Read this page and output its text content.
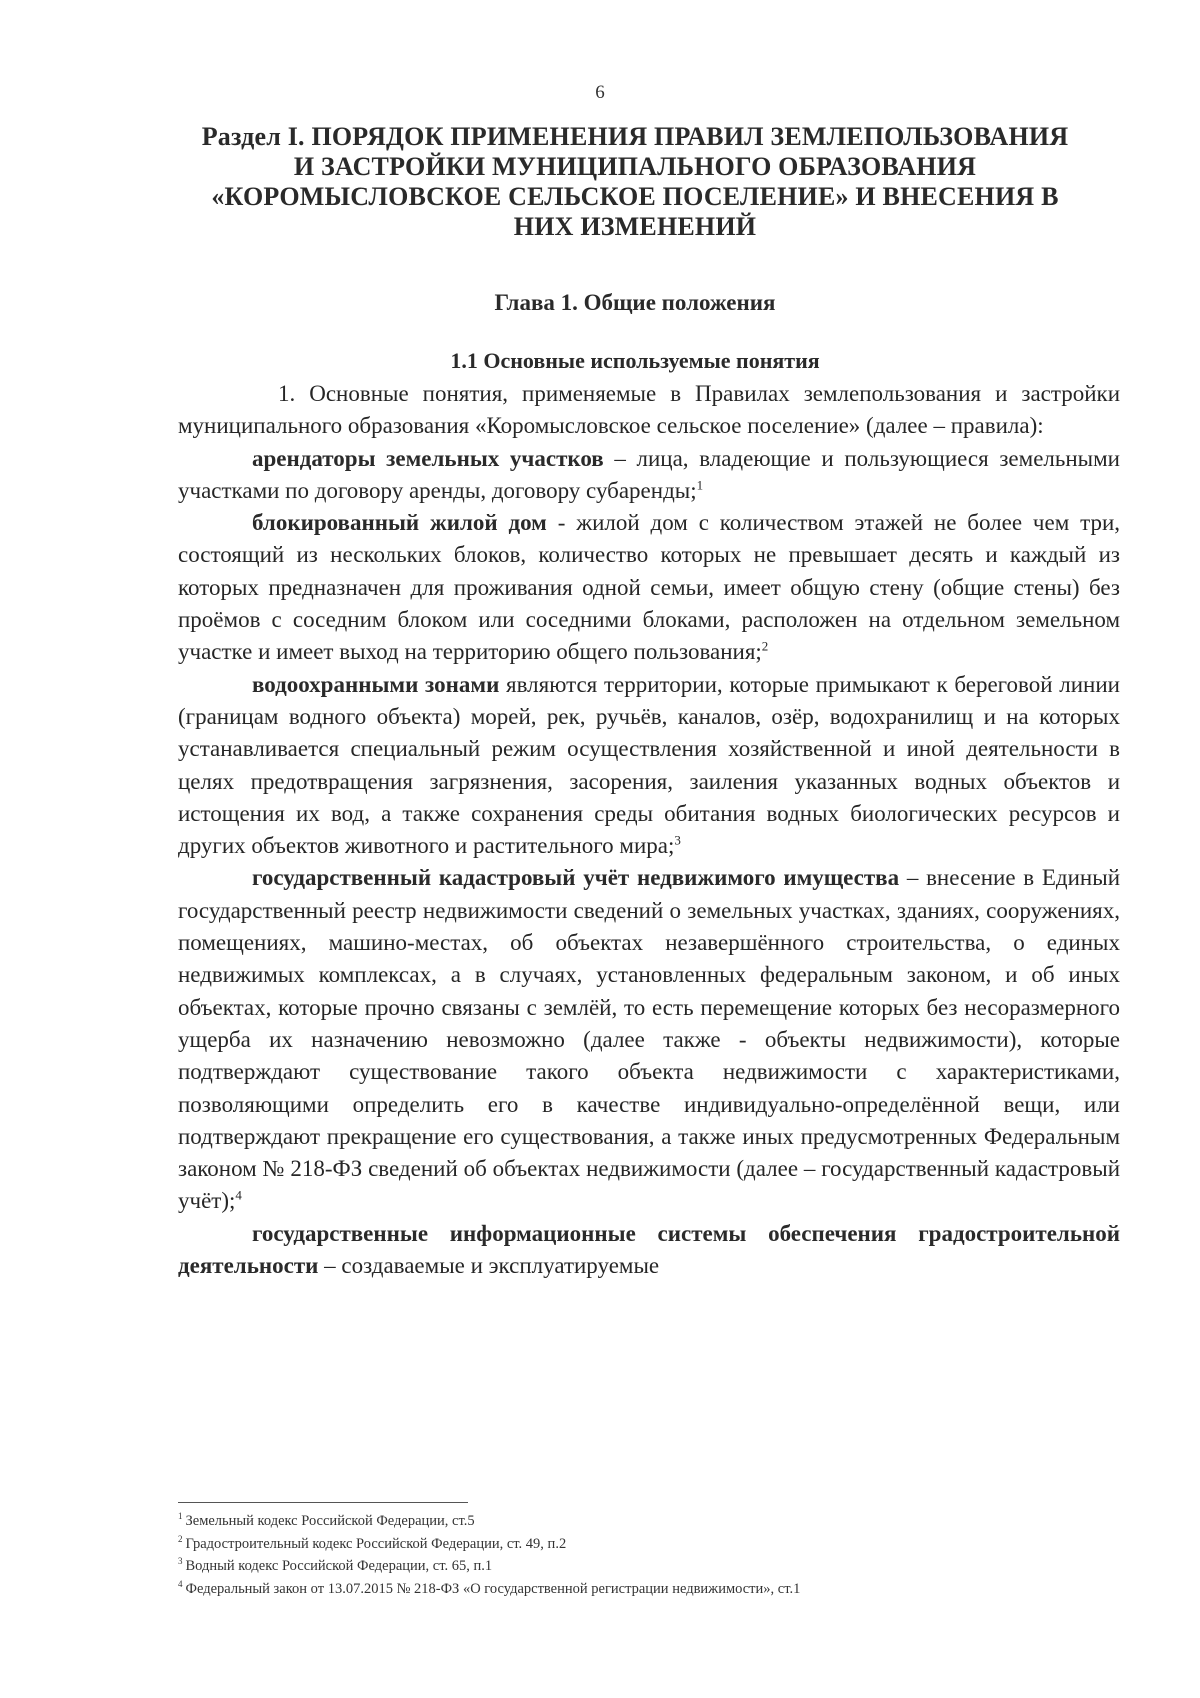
6
Раздел I. ПОРЯДОК ПРИМЕНЕНИЯ ПРАВИЛ ЗЕМЛЕПОЛЬЗОВАНИЯ
И ЗАСТРОЙКИ МУНИЦИПАЛЬНОГО ОБРАЗОВАНИЯ
«КОРОМЫСЛОВСКОЕ СЕЛЬСКОЕ ПОСЕЛЕНИЕ» И ВНЕСЕНИЯ В
НИХ ИЗМЕНЕНИЙ
Глава 1. Общие положения
1.1 Основные используемые понятия

1. Основные понятия, применяемые в Правилах землепользования и застройки муниципального образования «Коромысловское сельское поселение» (далее – правила):

арендаторы земельных участков – лица, владеющие и пользующиеся земельными участками по договору аренды, договору субаренды;$^1$

блокированный жилой дом - жилой дом с количеством этажей не более чем три, состоящий из нескольких блоков, количество которых не превышает десять и каждый из которых предназначен для проживания одной семьи, имеет общую стену (общие стены) без проёмов с соседним блоком или соседними блоками, расположен на отдельном земельном участке и имеет выход на территорию общего пользования;$^2$

водоохранными зонами являются территории, которые примыкают к береговой линии (границам водного объекта) морей, рек, ручьёв, каналов, озёр, водохранилищ и на которых устанавливается специальный режим осуществления хозяйственной и иной деятельности в целях предотвращения загрязнения, засорения, заиления указанных водных объектов и истощения их вод, а также сохранения среды обитания водных биологических ресурсов и других объектов животного и растительного мира;$^3$

государственный кадастровый учёт недвижимого имущества – внесение в Единый государственный реестр недвижимости сведений о земельных участках, зданиях, сооружениях, помещениях, машино-местах, об объектах незавершённого строительства, о единых недвижимых комплексах, а в случаях, установленных федеральным законом, и об иных объектах, которые прочно связаны с землёй, то есть перемещение которых без несоразмерного ущерба их назначению невозможно (далее также - объекты недвижимости), которые подтверждают существование такого объекта недвижимости с характеристиками, позволяющими определить его в качестве индивидуально-определённой вещи, или подтверждают прекращение его существования, а также иных предусмотренных Федеральным законом № 218-ФЗ сведений об объектах недвижимости (далее – государственный кадастровый учёт);$^4$

государственные информационные системы обеспечения градостроительной деятельности – создаваемые и эксплуатируемые

$^1$ Земельный кодекс Российской Федерации, ст.5
$^2$ Градостроительный кодекс Российской Федерации, ст. 49, п.2
$^3$ Водный кодекс Российской Федерации, ст. 65, п.1
$^4$ Федеральный закон от 13.07.2015 № 218-ФЗ «О государственной регистрации недвижимости», ст.1
